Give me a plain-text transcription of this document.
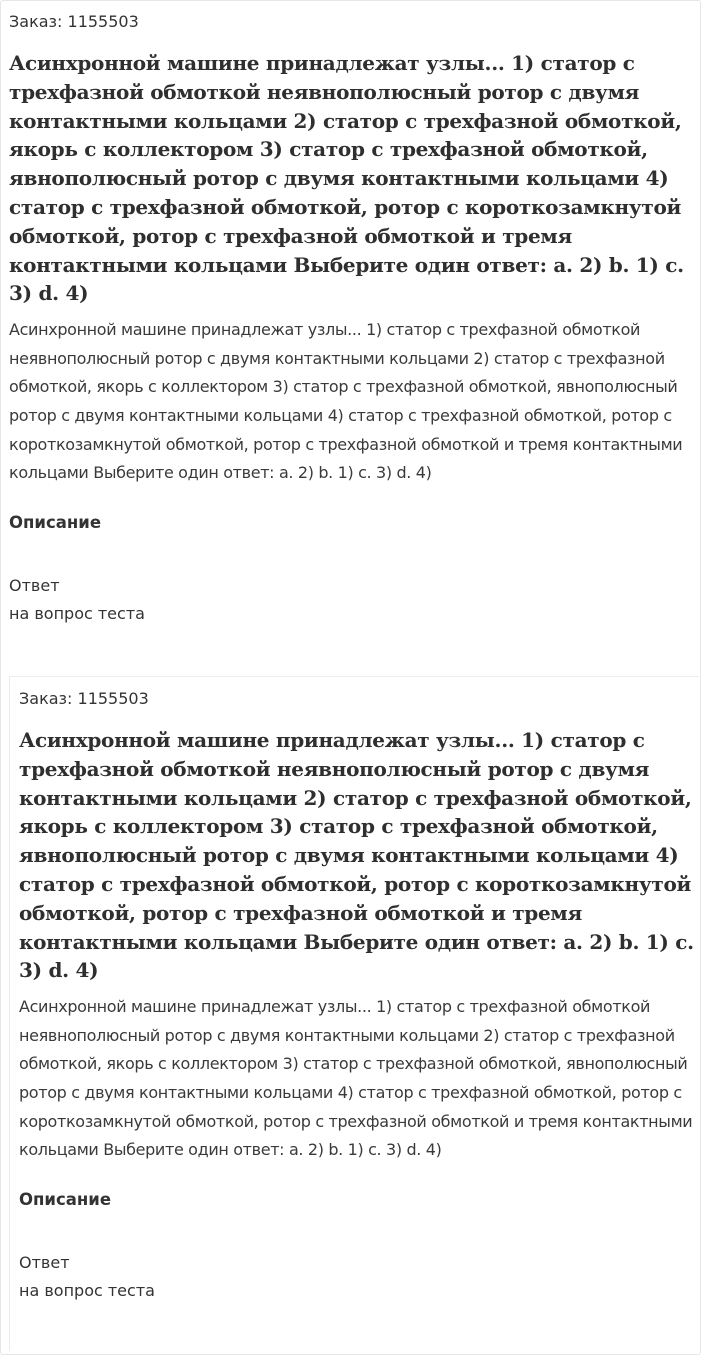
Заказ: 1155503

Асинхронной машине принадлежат узлы... 1) статор с трехфазной обмоткой неявнополюсный ротор с двумя контактными кольцами 2) статор с трехфазной обмоткой, якорь с коллектором 3) статор с трехфазной обмоткой, явнополюсный ротор с двумя контактными кольцами 4) статор с трехфазной обмоткой, ротор с короткозамкнутой обмоткой, ротор с трехфазной обмоткой и тремя контактными кольцами Выберите один ответ: a. 2) b. 1) c. 3) d. 4)

Асинхронной машине принадлежат узлы... 1) статор с трехфазной обмоткой неявнополюсный ротор с двумя контактными кольцами 2) статор с трехфазной обмоткой, якорь с коллектором 3) статор с трехфазной обмоткой, явнополюсный ротор с двумя контактными кольцами 4) статор с трехфазной обмоткой, ротор с короткозамкнутой обмоткой, ротор с трехфазной обмоткой и тремя контактными кольцами Выберите один ответ: a. 2) b. 1) c. 3) d. 4)

Описание

Ответ

на вопрос теста

Заказ: 1155503

Асинхронной машине принадлежат узлы... 1) статор с трехфазной обмоткой неявнополюсный ротор с двумя контактными кольцами 2) статор с трехфазной обмоткой, якорь с коллектором 3) статор с трехфазной обмоткой, явнополюсный ротор с двумя контактными кольцами 4) статор с трехфазной обмоткой, ротор с короткозамкнутой обмоткой, ротор с трехфазной обмоткой и тремя контактными кольцами Выберите один ответ: a. 2) b. 1) c. 3) d. 4)

Асинхронной машине принадлежат узлы... 1) статор с трехфазной обмоткой неявнополюсный ротор с двумя контактными кольцами 2) статор с трехфазной обмоткой, якорь с коллектором 3) статор с трехфазной обмоткой, явнополюсный ротор с двумя контактными кольцами 4) статор с трехфазной обмоткой, ротор с короткозамкнутой обмоткой, ротор с трехфазной обмоткой и тремя контактными кольцами Выберите один ответ: a. 2) b. 1) c. 3) d. 4)

Описание

Ответ

на вопрос теста
